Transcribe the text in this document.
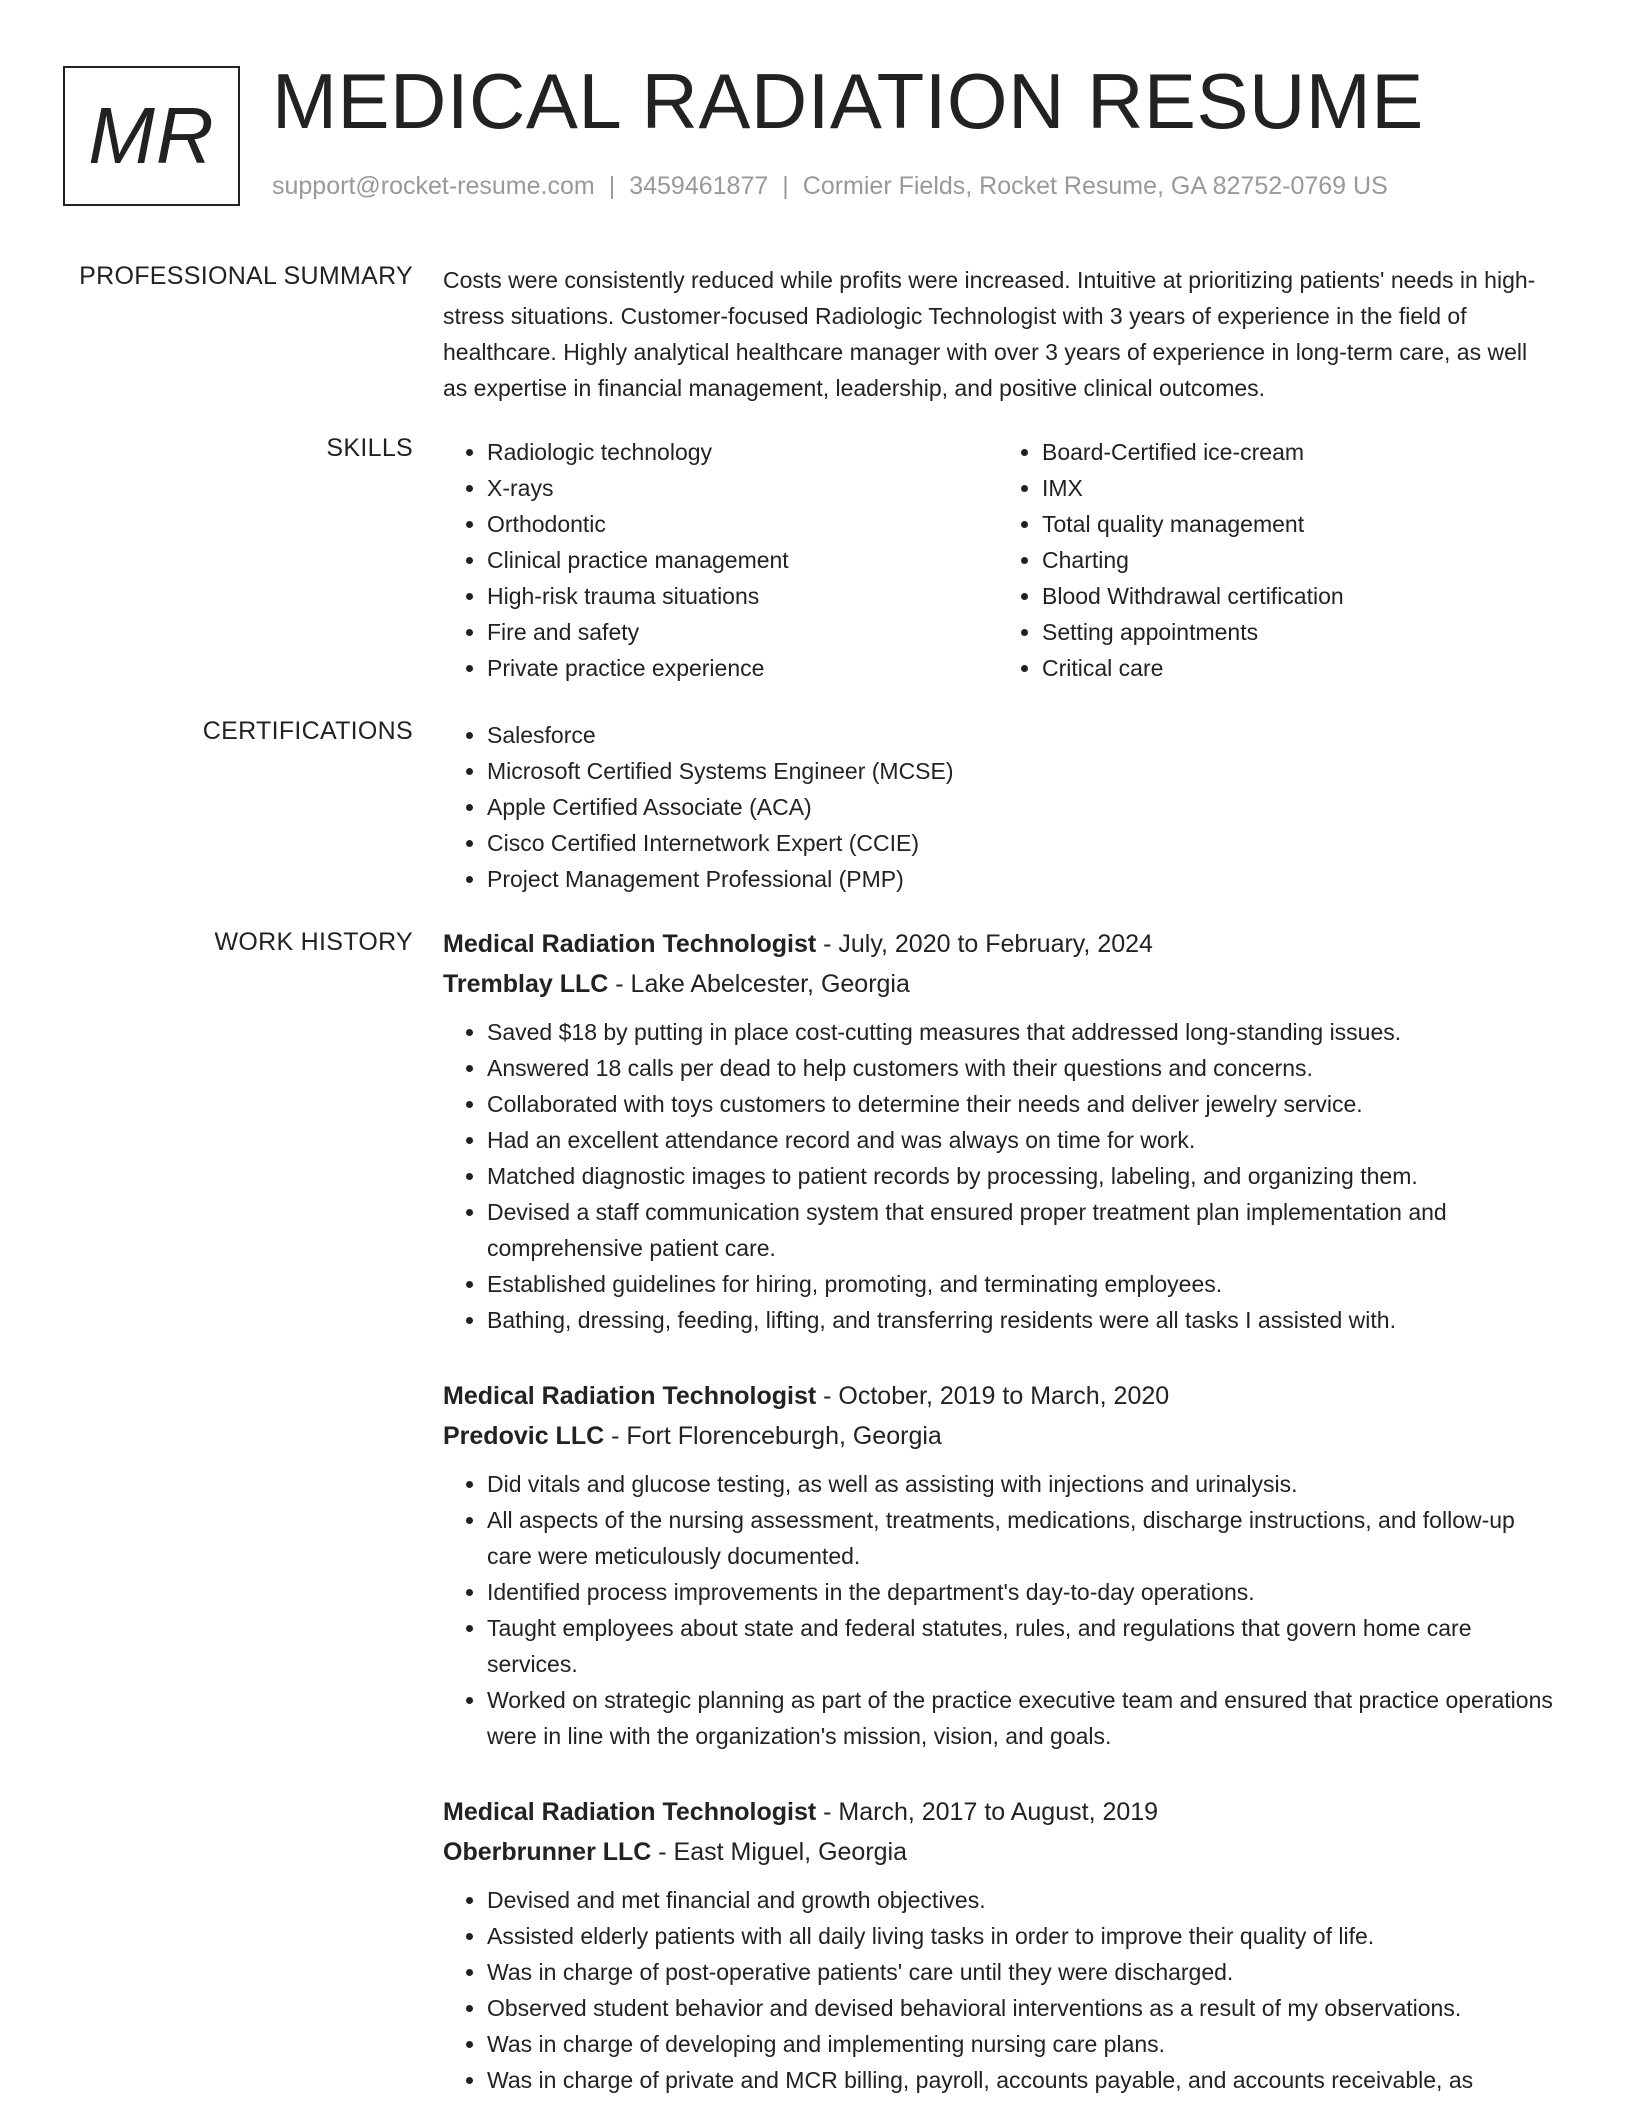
MR MEDICAL RADIATION RESUME
support@rocket-resume.com | 3459461877 | Cormier Fields, Rocket Resume, GA 82752-0769 US
PROFESSIONAL SUMMARY Costs were consistently reduced while profits were increased. Intuitive at prioritizing patients' needs in high-stress situations. Customer-focused Radiologic Technologist with 3 years of experience in the field of healthcare. Highly analytical healthcare manager with over 3 years of experience in long-term care, as well as expertise in financial management, leadership, and positive clinical outcomes.

SKILLS	• Radiologic technology
• X-rays
• Orthodontic
• Clinical practice management
• High-risk trauma situations
• Fire and safety
• Private practice experience
• Board-Certified ice-cream
• IMX
• Total quality management
• Charting
• Blood Withdrawal certification
• Setting appointments
• Critical care
CERTIFICATIONS	• Salesforce
• Microsoft Certified Systems Engineer (MCSE)
• Apple Certified Associate (ACA)
• Cisco Certified Internetwork Expert (CCIE)
• Project Management Professional (PMP)
WORK HISTORY Medical Radiation Technologist - July, 2020 to February, 2024
Tremblay LLC - Lake Abelcester, Georgia
• Saved $18 by putting in place cost-cutting measures that addressed long-standing issues.
• Answered 18 calls per dead to help customers with their questions and concerns.
• Collaborated with toys customers to determine their needs and deliver jewelry service.
• Had an excellent attendance record and was always on time for work.
• Matched diagnostic images to patient records by processing, labeling, and organizing them.
• Devised a staff communication system that ensured proper treatment plan implementation and comprehensive patient care.
• Established guidelines for hiring, promoting, and terminating employees.
• Bathing, dressing, feeding, lifting, and transferring residents were all tasks I assisted with.
Medical Radiation Technologist - October, 2019 to March, 2020
Predovic LLC - Fort Florenceburgh, Georgia
• Did vitals and glucose testing, as well as assisting with injections and urinalysis.
• All aspects of the nursing assessment, treatments, medications, discharge instructions, and follow-up care were meticulously documented.
• Identified process improvements in the department's day-to-day operations.
• Taught employees about state and federal statutes, rules, and regulations that govern home care services.
• Worked on strategic planning as part of the practice executive team and ensured that practice operations were in line with the organization's mission, vision, and goals.
Medical Radiation Technologist - March, 2017 to August, 2019
Oberbrunner LLC - East Miguel, Georgia
• Devised and met financial and growth objectives.
• Assisted elderly patients with all daily living tasks in order to improve their quality of life.
• Was in charge of post-operative patients' care until they were discharged.
• Observed student behavior and devised behavioral interventions as a result of my observations.
• Was in charge of developing and implementing nursing care plans.
• Was in charge of private and MCR billing, payroll, accounts payable, and accounts receivable, as
